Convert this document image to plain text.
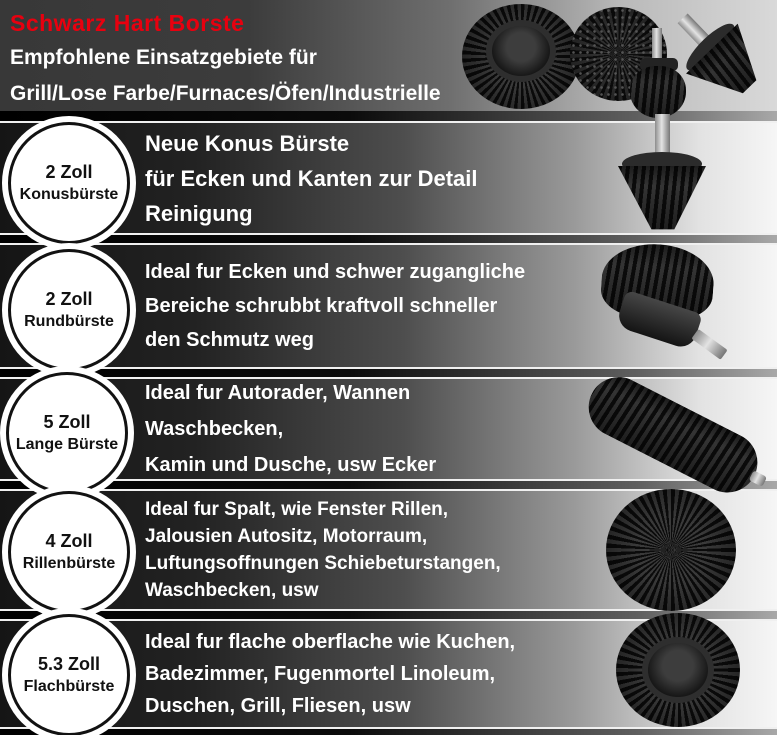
Schwarz Hart Borste
Empfohlene Einsatzgebiete für
Grill/Lose Farbe/Furnaces/Öfen/Industrielle
2 Zoll
Konusbürste
2 Zoll
Rundbürste
5 Zoll
Lange Bürste
4 Zoll
Rillenbürste
5.3 Zoll
Flachbürste
Neue Konus Bürste
für Ecken und Kanten zur Detail Reinigung
Ideal fur Ecken und schwer zugangliche
Bereiche schrubbt kraftvoll schneller
den Schmutz weg
Ideal fur Autorader, Wannen Waschbecken,
Kamin und Dusche, usw Ecker
Ideal fur Spalt, wie Fenster Rillen,
Jalousien Autositz, Motorraum,
Luftungsoffnungen Schiebeturstangen,
Waschbecken, usw
Ideal fur flache oberflache wie Kuchen,
Badezimmer, Fugenmortel Linoleum,
Duschen, Grill, Fliesen, usw
